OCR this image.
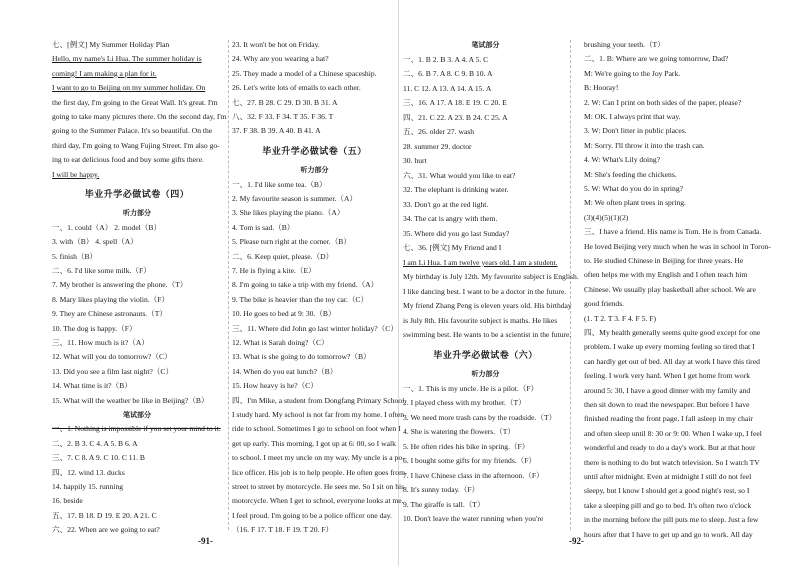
七、[例文] My Summer Holiday Plan
Hello, my name's Li Hua. The summer holiday is
coming! I am making a plan for it.
I want to go to Beijing on my summer holiday. On
the first day, I'm going to the Great Wall. It's great. I'm
going to take many pictures there. On the second day, I'm
going to the Summer Palace. It's so beautiful. On the
third day, I'm going to Wang Fujing Street. I'm also go-
ing to eat delicious food and buy some gifts there.
I will be happy.
毕业升学必做试卷（四）
听力部分
一、1. could（A） 2. model（B）
3. with（B） 4. spell（A）
5. finish（B）
二、6. I'd like some milk.（F）
7. My brother is answering the phone.（T）
8. Mary likes playing the violin.（F）
9. They are Chinese astronauts.（T）
10. The dog is happy.（F）
三、11. How much is it?（A）
12. What will you do tomorrow?（C）
13. Did you see a film last night?（C）
14. What time is it?（B）
15. What will the weather be like in Beijing?（B）
笔试部分
一、1. Nothing is impossible if you set your mind to it.
二、2. B 3. C 4. A 5. B 6. A
三、7. C 8. A 9. C 10. C 11. B
四、12. wind 13. ducks
14. happily 15. running
16. beside
五、17. B 18. D 19. E 20. A 21. C
六、22. When are we going to eat?
23. It won't be hot on Friday.
24. Why are you wearing a hat?
25. They made a model of a Chinese spaceship.
26. Let's write lots of emails to each other.
七、27. B 28. C 29. D 30. B 31. A
八、32. F 33. F 34. T 35. F 36. T
37. F 38. B 39. A 40. B 41. A
毕业升学必做试卷（五）
听力部分
一、1. I'd like some tea.（B）
2. My favourite season is summer.（A）
3. She likes playing the piano.（A）
4. Tom is sad.（B）
5. Please turn right at the corner.（B）
二、6. Keep quiet, please.（D）
7. He is flying a kite.（E）
8. I'm going to take a trip with my friend.（A）
9. The bike is heavier than the toy car.（C）
10. He goes to bed at 9: 30.（B）
三、11. Where did John go last winter holiday?（C）
12. What is Sarah doing?（C）
13. What is she going to do tomorrow?（B）
14. When do you eat lunch?（B）
15. How heavy is he?（C）
四、I'm Mike, a student from Dongfang Primary School.
I study hard. My school is not far from my home. I often
ride to school. Sometimes I go to school on foot when I
get up early. This morning, I got up at 6: 00, so I walk
to school. I meet my uncle on my way. My uncle is a po-
lice officer. His job is to help people. He often goes from
street to street by motorcycle. He sees me. So I sit on his
motorcycle. When I get to school, everyone looks at me.
I feel proud. I'm going to be a police officer one day.
（16. F 17. T 18. F 19. T 20. F）
-91-
笔试部分
一、1. B 2. B 3. A 4. A 5. C
二、6. B 7. A 8. C 9. B 10. A
11. C 12. A 13. A 14. A 15. A
三、16. A 17. A 18. E 19. C 20. E
四、21. C 22. A 23. B 24. C 25. A
五、26. older 27. wash
28. summer 29. doctor
30. hurt
六、31. What would you like to eat?
32. The elephant is drinking water.
33. Don't go at the red light.
34. The cat is angry with them.
35. Where did you go last Sunday?
七、36. [例文] My Friend and I
I am Li Hua. I am twelve years old. I am a student.
My birthday is July 12th. My favourite subject is English.
I like dancing best. I want to be a doctor in the future.
My friend Zhang Peng is eleven years old. His birthday
is July 8th. His favourite subject is maths. He likes
swimming best. He wants to be a scientist in the future.
毕业升学必做试卷（六）
听力部分
一、1. This is my uncle. He is a pilot.（F）
2. I played chess with my brother.（T）
3. We need more trash cans by the roadside.（T）
4. She is watering the flowers.（T）
5. He often rides his bike in spring.（F）
6. I bought some gifts for my friends.（F）
7. I have Chinese class in the afternoon.（F）
8. It's sunny today.（F）
9. The giraffe is tall.（T）
10. Don't leave the water running when you're
brushing your teeth.（T）
二、1. B: Where are we going tomorrow, Dad?
M: We're going to the Joy Park.
B: Hooray!
2. W: Can I print on both sides of the paper, please?
M: OK. I always print that way.
3. W: Don't litter in public places.
M: Sorry. I'll throw it into the trash can.
4. W: What's Lily doing?
M: She's feeding the chickens.
5. W: What do you do in spring?
M: We often plant trees in spring.
(3)(4)(5)(1)(2)
三、I have a friend. His name is Tom. He is from Canada.
He loved Beijing very much when he was in school in Toron-
to. He studied Chinese in Beijing for three years. He
often helps me with my English and I often teach him
Chinese. We usually play basketball after school. We are
good friends.
(1. T 2. T 3. F 4. F 5. F)
四、My health generally seems quite good except for one
problem. I wake up every morning feeling so tired that I
can hardly get out of bed. All day at work I have this tired
feeling. I work very hard. When I get home from work
around 5: 30, I have a good dinner with my family and
then sit down to read the newspaper. But before I have
finished reading the front page, I fall asleep in my chair
and often sleep until 8: 30 or 9: 00. When I wake up, I feel
wonderful and ready to do a day's work. But at that hour
there is nothing to do but watch television. So I watch TV
until after midnight. Even at midnight I still do not feel
sleepy, but I know I should get a good night's rest, so I
take a sleeping pill and go to bed. It's often two o'clock
in the morning before the pill puts me to sleep. Just a few
hours after that I have to get up and go to work. All day
-92-
